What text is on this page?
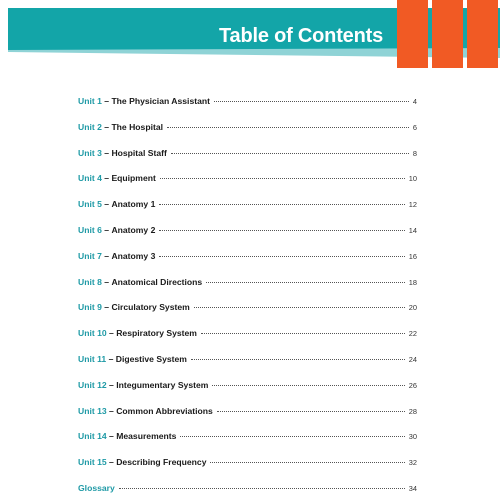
Table of Contents
Unit 1 – The Physician Assistant	4
Unit 2 – The Hospital	6
Unit 3 – Hospital Staff	8
Unit 4 – Equipment	10
Unit 5 – Anatomy 1	12
Unit 6 – Anatomy 2	14
Unit 7 – Anatomy 3	16
Unit 8 – Anatomical Directions	18
Unit 9 – Circulatory System	20
Unit 10 – Respiratory System	22
Unit 11 – Digestive System	24
Unit 12 – Integumentary System	26
Unit 13 – Common Abbreviations	28
Unit 14 – Measurements	30
Unit 15 – Describing Frequency	32
Glossary	34
